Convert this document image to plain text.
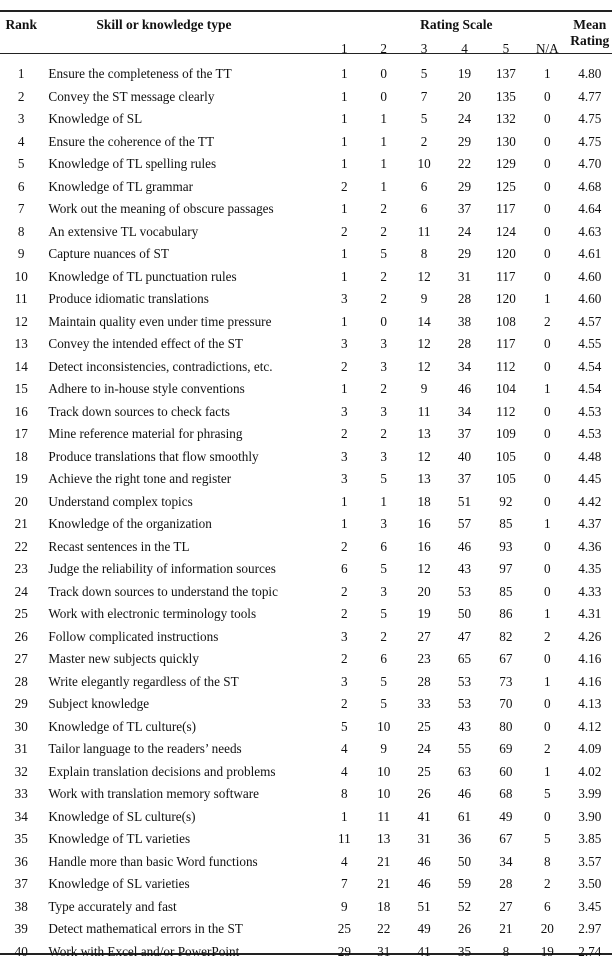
Rank	Skill or knowledge type	Rating Scale						Mean
Rating
		1	2	3	4	5	N/A	

1	Ensure the completeness of the TT	1	0	5	19	137	1	4.80
2	Convey the ST message clearly	1	0	7	20	135	0	4.77
3	Knowledge of SL	1	1	5	24	132	0	4.75
4	Ensure the coherence of the TT	1	1	2	29	130	0	4.75
5	Knowledge of TL spelling rules	1	1	10	22	129	0	4.70
6	Knowledge of TL grammar	2	1	6	29	125	0	4.68
7	Work out the meaning of obscure passages	1	2	6	37	117	0	4.64
8	An extensive TL vocabulary	2	2	11	24	124	0	4.63
9	Capture nuances of ST	1	5	8	29	120	0	4.61
10	Knowledge of TL punctuation rules	1	2	12	31	117	0	4.60
11	Produce idiomatic translations	3	2	9	28	120	1	4.60
12	Maintain quality even under time pressure	1	0	14	38	108	2	4.57
13	Convey the intended effect of the ST	3	3	12	28	117	0	4.55
14	Detect inconsistencies, contradictions, etc.	2	3	12	34	112	0	4.54
15	Adhere to in-house style conventions	1	2	9	46	104	1	4.54
16	Track down sources to check facts	3	3	11	34	112	0	4.53
17	Mine reference material for phrasing	2	2	13	37	109	0	4.53
18	Produce translations that flow smoothly	3	3	12	40	105	0	4.48
19	Achieve the right tone and register	3	5	13	37	105	0	4.45
20	Understand complex topics	1	1	18	51	92	0	4.42
21	Knowledge of the organization	1	3	16	57	85	1	4.37
22	Recast sentences in the TL	2	6	16	46	93	0	4.36
23	Judge the reliability of information sources	6	5	12	43	97	0	4.35
24	Track down sources to understand the topic	2	3	20	53	85	0	4.33
25	Work with electronic terminology tools	2	5	19	50	86	1	4.31
26	Follow complicated instructions	3	2	27	47	82	2	4.26
27	Master new subjects quickly	2	6	23	65	67	0	4.16
28	Write elegantly regardless of the ST	3	5	28	53	73	1	4.16
29	Subject knowledge	2	5	33	53	70	0	4.13
30	Knowledge of TL culture(s)	5	10	25	43	80	0	4.12
31	Tailor language to the readers’ needs	4	9	24	55	69	2	4.09
32	Explain translation decisions and problems	4	10	25	63	60	1	4.02
33	Work with translation memory software	8	10	26	46	68	5	3.99
34	Knowledge of SL culture(s)	1	11	41	61	49	0	3.90
35	Knowledge of TL varieties	11	13	31	36	67	5	3.85
36	Handle more than basic Word functions	4	21	46	50	34	8	3.57
37	Knowledge of SL varieties	7	21	46	59	28	2	3.50
38	Type accurately and fast	9	18	51	52	27	6	3.45
39	Detect mathematical errors in the ST	25	22	49	26	21	20	2.97
40	Work with Excel and/or PowerPoint	29	31	41	35	8	19	2.74
